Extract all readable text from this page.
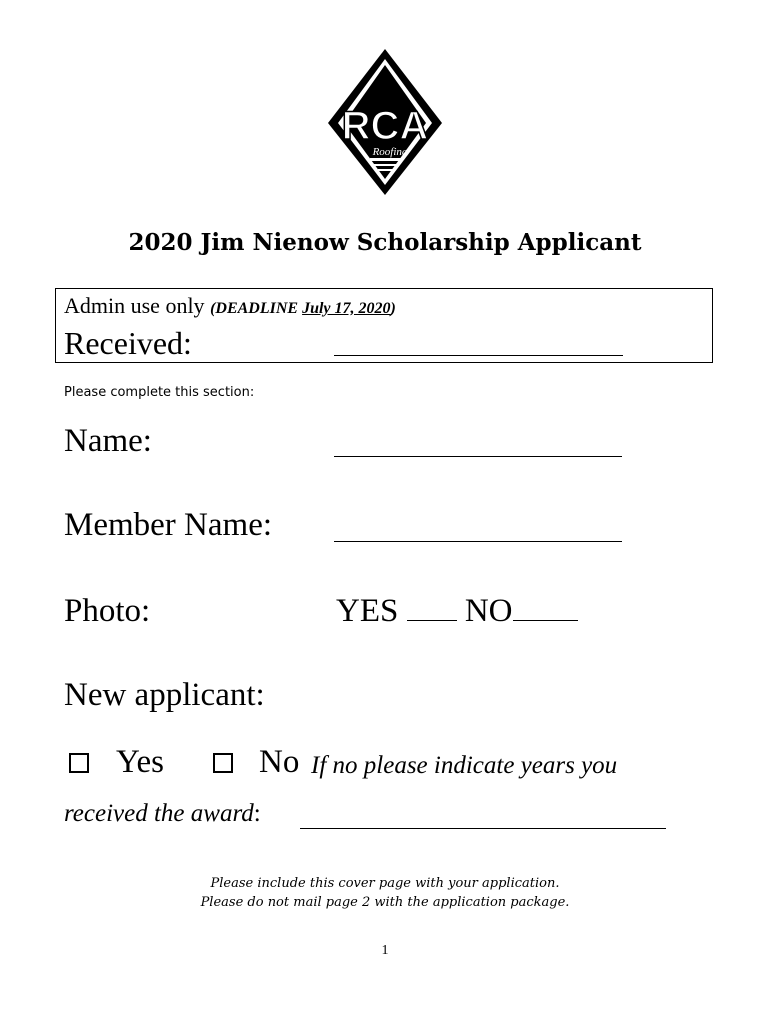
RCA
Roofing
2020 Jim Nienow Scholarship Applicant
Admin use only (DEADLINE July 17, 2020)
Received:
Please complete this section:
Name:
Member Name:
Photo:	YES NO
New applicant:
Yes	No If no please indicate years you
received the award:
Please include this cover page with your application.
Please do not mail page 2 with the application package.
1
